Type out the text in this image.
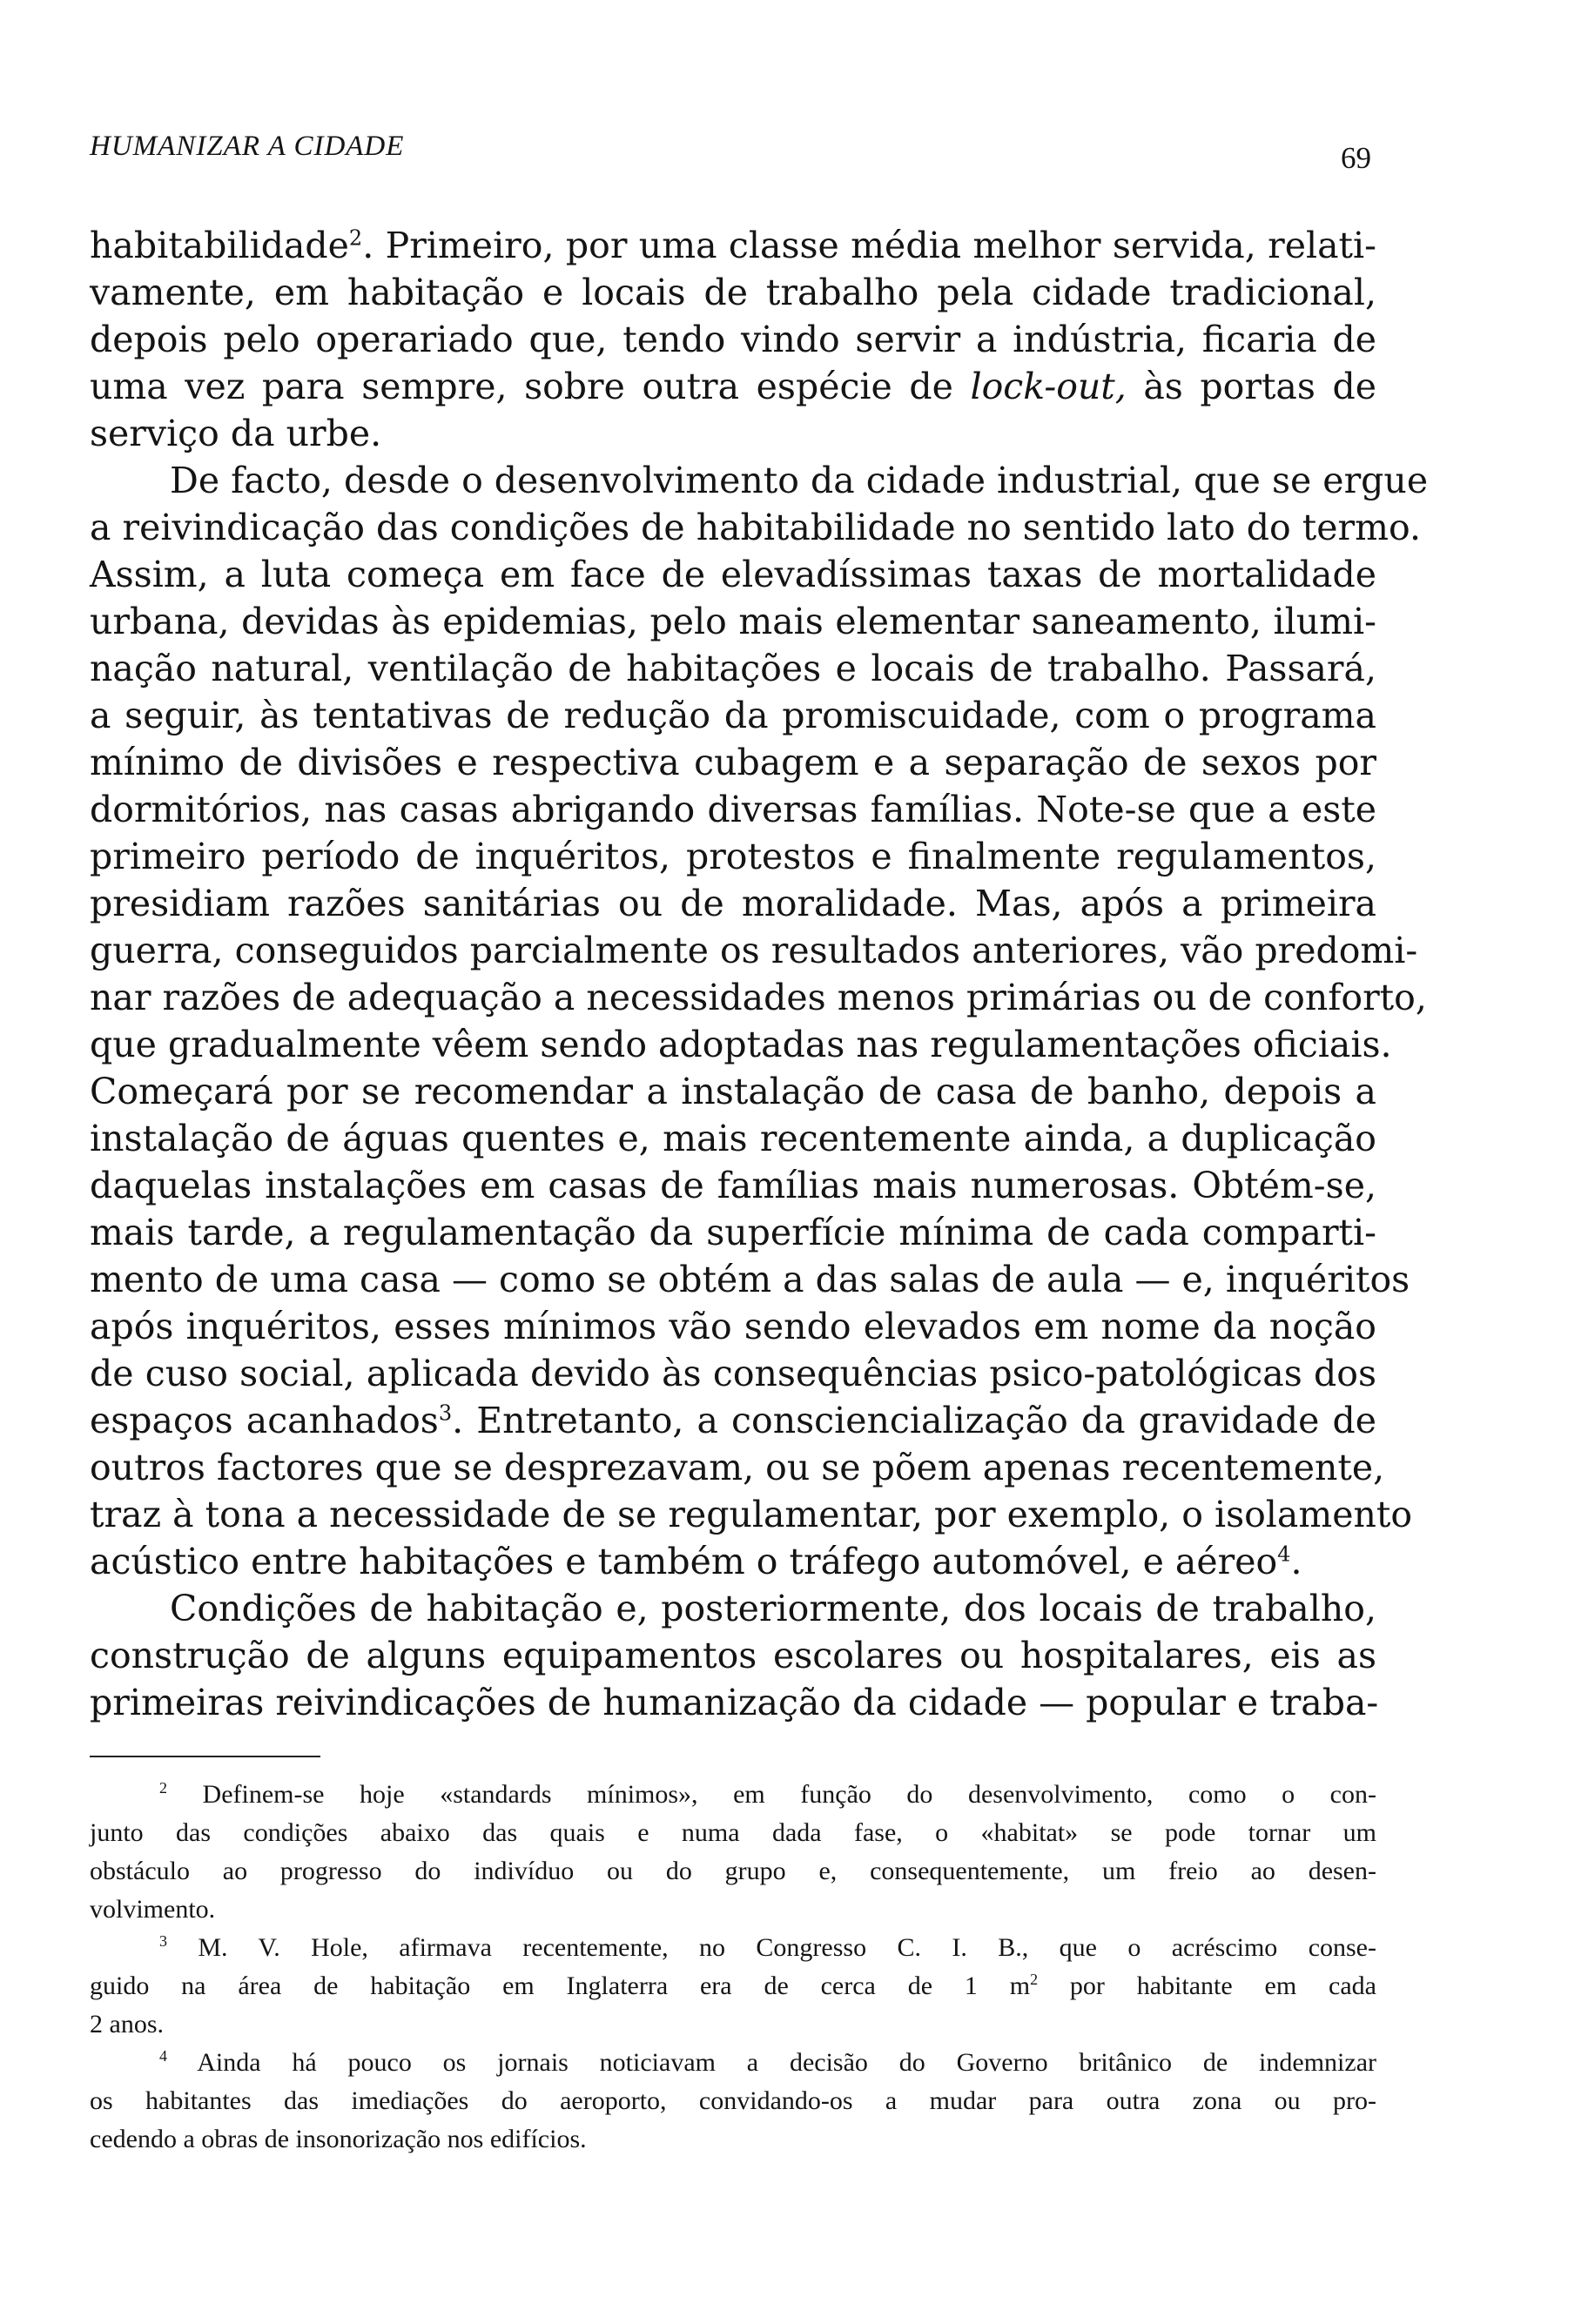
HUMANIZAR A CIDADE	69
habitabilidade$^2$. Primeiro, por uma classe média melhor servida, relati-
vamente, em habitação e locais de trabalho pela cidade tradicional,
depois pelo operariado que, tendo vindo servir a indústria, ficaria de
uma vez para sempre, sobre outra espécie de lock-out, às portas de
serviço da urbe.
De facto, desde o desenvolvimento da cidade industrial, que se ergue
a reivindicação das condições de habitabilidade no sentido lato do termo.
Assim, a luta começa em face de elevadíssimas taxas de mortalidade
urbana, devidas às epidemias, pelo mais elementar saneamento, ilumi-
nação natural, ventilação de habitações e locais de trabalho. Passará,
a seguir, às tentativas de redução da promiscuidade, com o programa
mínimo de divisões e respectiva cubagem e a separação de sexos por
dormitórios, nas casas abrigando diversas famílias. Note-se que a este
primeiro período de inquéritos, protestos e finalmente regulamentos,
presidiam razões sanitárias ou de moralidade. Mas, após a primeira
guerra, conseguidos parcialmente os resultados anteriores, vão predomi-
nar razões de adequação a necessidades menos primárias ou de conforto,
que gradualmente vêem sendo adoptadas nas regulamentações oficiais.
Começará por se recomendar a instalação de casa de banho, depois a
instalação de águas quentes e, mais recentemente ainda, a duplicação
daquelas instalações em casas de famílias mais numerosas. Obtém-se,
mais tarde, a regulamentação da superfície mínima de cada comparti-
mento de uma casa — como se obtém a das salas de aula — e, inquéritos
após inquéritos, esses mínimos vão sendo elevados em nome da noção
de cuso social, aplicada devido às consequências psico-patológicas dos
espaços acanhados$^3$. Entretanto, a consciencialização da gravidade de
outros factores que se desprezavam, ou se põem apenas recentemente,
traz à tona a necessidade de se regulamentar, por exemplo, o isolamento
acústico entre habitações e também o tráfego automóvel, e aéreo$^4$.
Condições de habitação e, posteriormente, dos locais de trabalho,
construção de alguns equipamentos escolares ou hospitalares, eis as
primeiras reivindicações de humanização da cidade — popular e traba-
$^2$ Definem-se hoje «standards mínimos», em função do desenvolvimento, como o con-
junto das condições abaixo das quais e numa dada fase, o «habitat» se pode tornar um
obstáculo ao progresso do indivíduo ou do grupo e, consequentemente, um freio ao desen-
volvimento.
$^3$ M. V. Hole, afirmava recentemente, no Congresso C. I. B., que o acréscimo conse-
guido na área de habitação em Inglaterra era de cerca de 1 $m^2$ por habitante em cada
2 anos.
$^4$ Ainda há pouco os jornais noticiavam a decisão do Governo britânico de indemnizar
os habitantes das imediações do aeroporto, convidando-os a mudar para outra zona ou pro-
cedendo a obras de insonorização nos edifícios.
